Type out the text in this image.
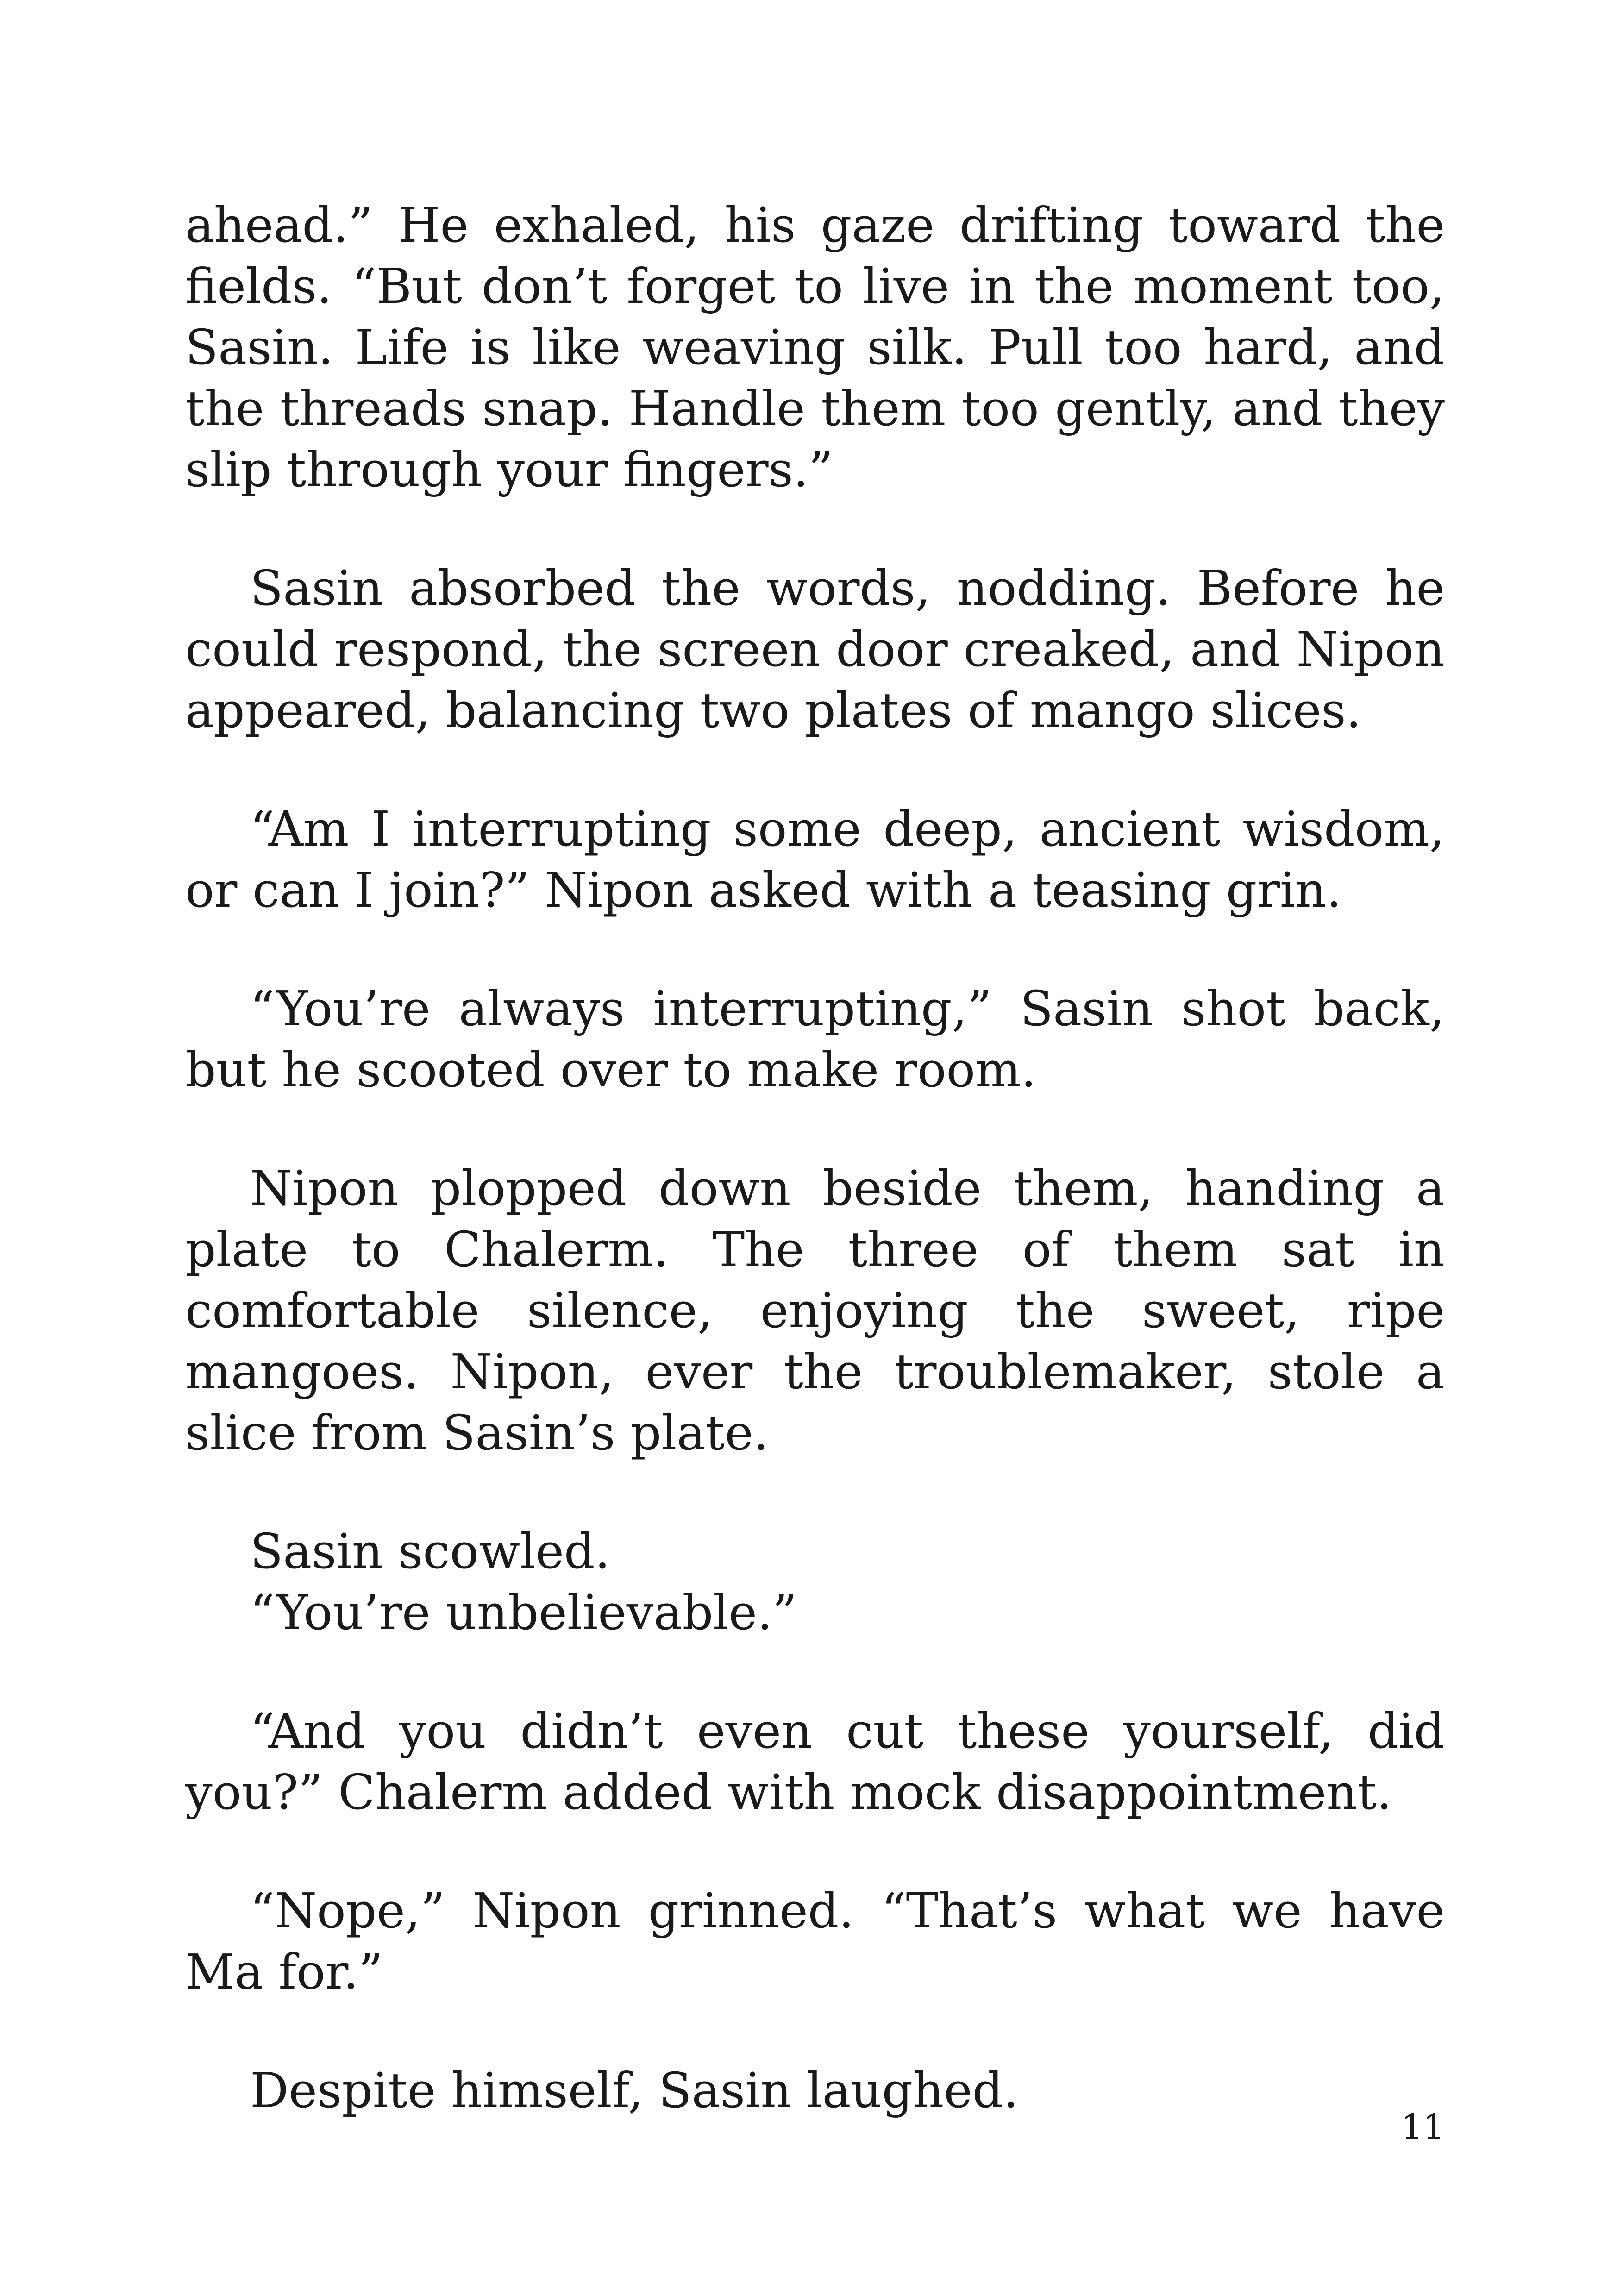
ahead.” He exhaled, his gaze drifting toward the fields. “But don’t forget to live in the moment too, Sasin. Life is like weaving silk. Pull too hard, and the threads snap. Handle them too gently, and they slip through your fingers.”

Sasin absorbed the words, nodding. Before he could respond, the screen door creaked, and Nipon appeared, balancing two plates of mango slices.

“Am I interrupting some deep, ancient wisdom, or can I join?” Nipon asked with a teasing grin.

“You’re always interrupting,” Sasin shot back, but he scooted over to make room.

Nipon plopped down beside them, handing a plate to Chalerm. The three of them sat in comfortable silence, enjoying the sweet, ripe mangoes. Nipon, ever the troublemaker, stole a slice from Sasin’s plate.

Sasin scowled.

“You’re unbelievable.”

“And you didn’t even cut these yourself, did you?” Chalerm added with mock disappointment.

“Nope,” Nipon grinned. “That’s what we have Ma for.”

Despite himself, Sasin laughed.

11
